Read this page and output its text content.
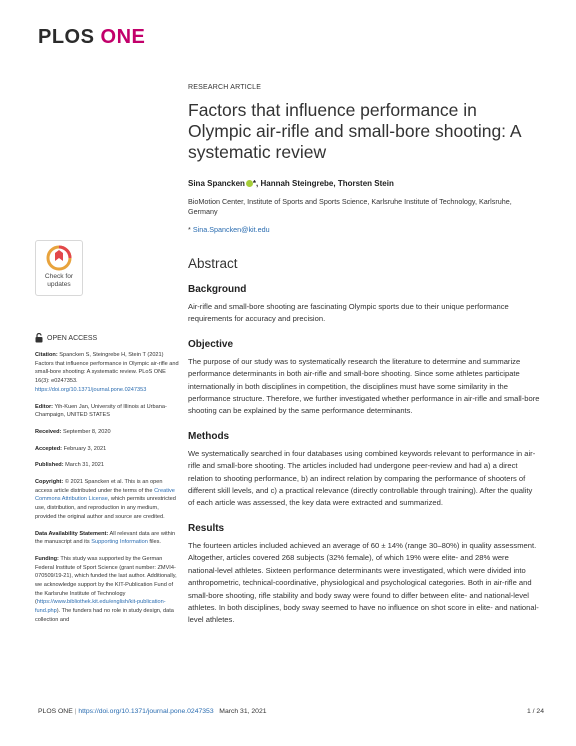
PLOS ONE
RESEARCH ARTICLE
Factors that influence performance in Olympic air-rifle and small-bore shooting: A systematic review
Sina Spancken *, Hannah Steingrebe, Thorsten Stein
BioMotion Center, Institute of Sports and Sports Science, Karlsruhe Institute of Technology, Karlsruhe, Germany
* Sina.Spancken@kit.edu
Abstract
Background

Air-rifle and small-bore shooting are fascinating Olympic sports due to their unique performance requirements for accuracy and precision.

Objective

The purpose of our study was to systematically research the literature to determine and summarize performance determinants in both air-rifle and small-bore shooting. Since some athletes participate internationally in both disciplines in competition, the disciplines must have some similarity in the performance structure. Therefore, we further investigated whether performance in air-rifle and small-bore shooting can be explained by the same performance determinants.

Methods

We systematically searched in four databases using combined keywords relevant to performance in air-rifle and small-bore shooting. The articles included had undergone peer-review and had a) a direct relation to shooting performance, b) an indirect relation by comparing the performance of shooters of different skill levels, and c) a practical relevance (directly controllable through training). After the quality of each article was assessed, the key data were extracted and summarized.

Results

The fourteen articles included achieved an average of 60 ± 14% (range 30–80%) in quality assessment. Altogether, articles covered 268 subjects (32% female), of which 19% were elite- and 28% were national-level athletes. Sixteen performance determinants were investigated, which were divided into anthropometric, technical-coordinative, physiological and psychological categories. Both in air-rifle and small-bore shooting, rifle stability and body sway were found to differ between elite- and national-level athletes. In both disciplines, body sway seemed to have no influence on shot score in elite- and national-level athletes.

Check for
updates
OPEN ACCESS
Citation: Spancken S, Steingrebe H, Stein T (2021) Factors that influence performance in Olympic air-rifle and small-bore shooting: A systematic review. PLoS ONE 16(3): e0247353. https://doi.org/10.1371/journal.pone.0247353
Editor: Yih-Kuen Jan, University of Illinois at Urbana-Champaign, UNITED STATES
Received: September 8, 2020
Accepted: February 3, 2021
Published: March 31, 2021
Copyright: © 2021 Spancken et al. This is an open access article distributed under the terms of the Creative Commons Attribution License, which permits unrestricted use, distribution, and reproduction in any medium, provided the original author and source are credited.
Data Availability Statement: All relevant data are within the manuscript and its Supporting Information files.
Funding: This study was supported by the German Federal Institute of Sport Science (grant number: ZMVI4-070509/19-21), which funded the last author. Additionally, we acknowledge support by the KIT-Publication Fund of the Karlsruhe Institute of Technology (https://www.bibliothek.kit.edu/english/kit-publication-fund.php). The funders had no role in study design, data collection and
PLOS ONE | https://doi.org/10.1371/journal.pone.0247353 March 31, 2021	1 / 24
